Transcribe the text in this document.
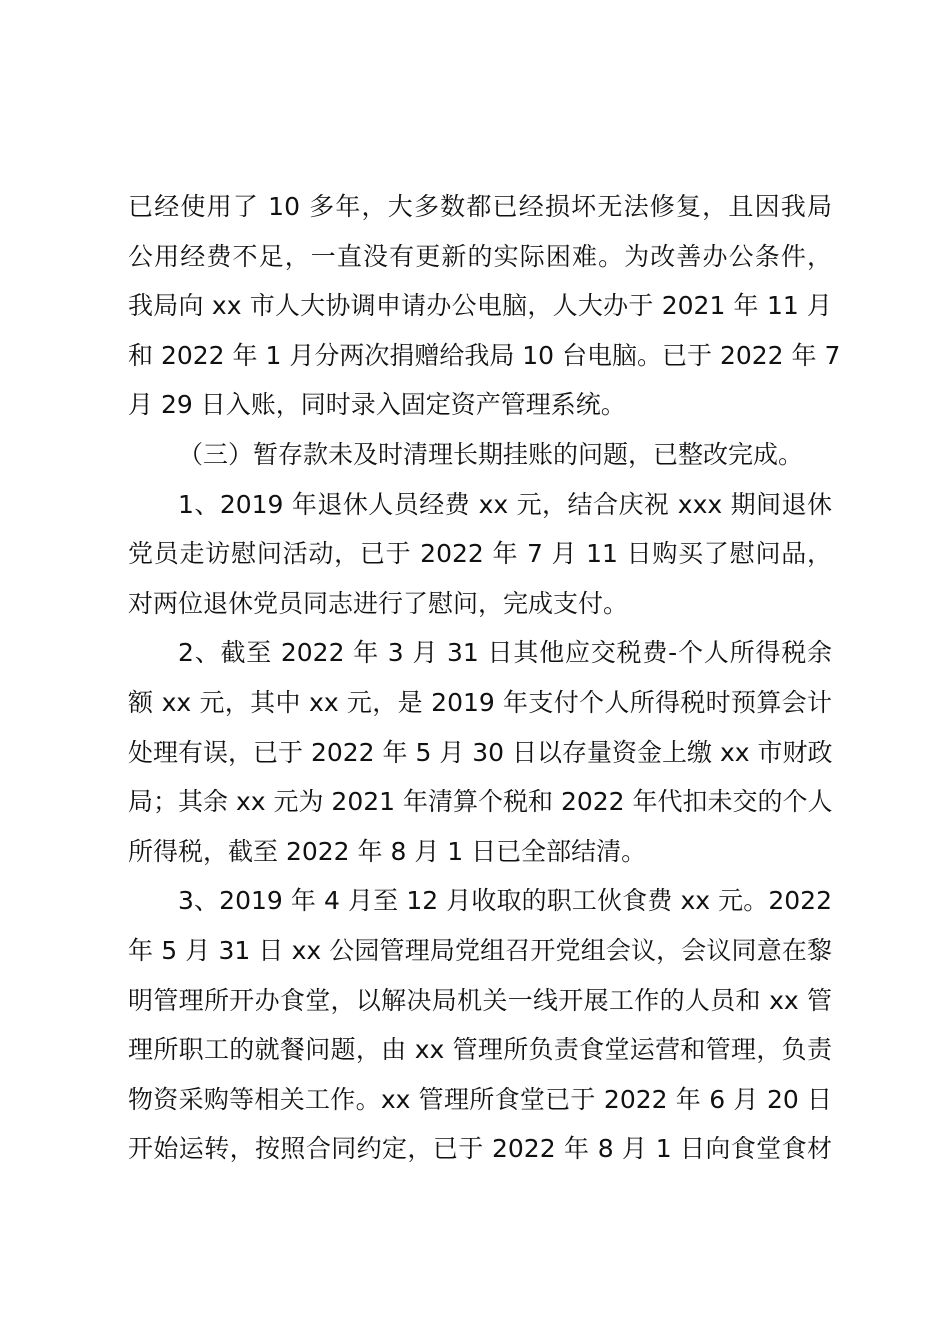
已经使用了 10 多年，大多数都已经损坏无法修复，且因我局
公用经费不足，一直没有更新的实际困难。为改善办公条件，
我局向 xx 市人大协调申请办公电脑，人大办于 2021 年 11 月
和 2022 年 1 月分两次捐赠给我局 10 台电脑。已于 2022 年 7
月 29 日入账，同时录入固定资产管理系统。
（三）暂存款未及时清理长期挂账的问题，已整改完成。
1、2019 年退休人员经费 xx 元，结合庆祝 xxx 期间退休
党员走访慰问活动，已于 2022 年 7 月 11 日购买了慰问品，
对两位退休党员同志进行了慰问，完成支付。
2、截至 2022 年 3 月 31 日其他应交税费-个人所得税余
额 xx 元，其中 xx 元，是 2019 年支付个人所得税时预算会计
处理有误，已于 2022 年 5 月 30 日以存量资金上缴 xx 市财政
局；其余 xx 元为 2021 年清算个税和 2022 年代扣未交的个人
所得税，截至 2022 年 8 月 1 日已全部结清。
3、2019 年 4 月至 12 月收取的职工伙食费 xx 元。2022
年 5 月 31 日 xx 公园管理局党组召开党组会议，会议同意在黎
明管理所开办食堂，以解决局机关一线开展工作的人员和 xx 管
理所职工的就餐问题，由 xx 管理所负责食堂运营和管理，负责
物资采购等相关工作。xx 管理所食堂已于 2022 年 6 月 20 日
开始运转，按照合同约定，已于 2022 年 8 月 1 日向食堂食材
